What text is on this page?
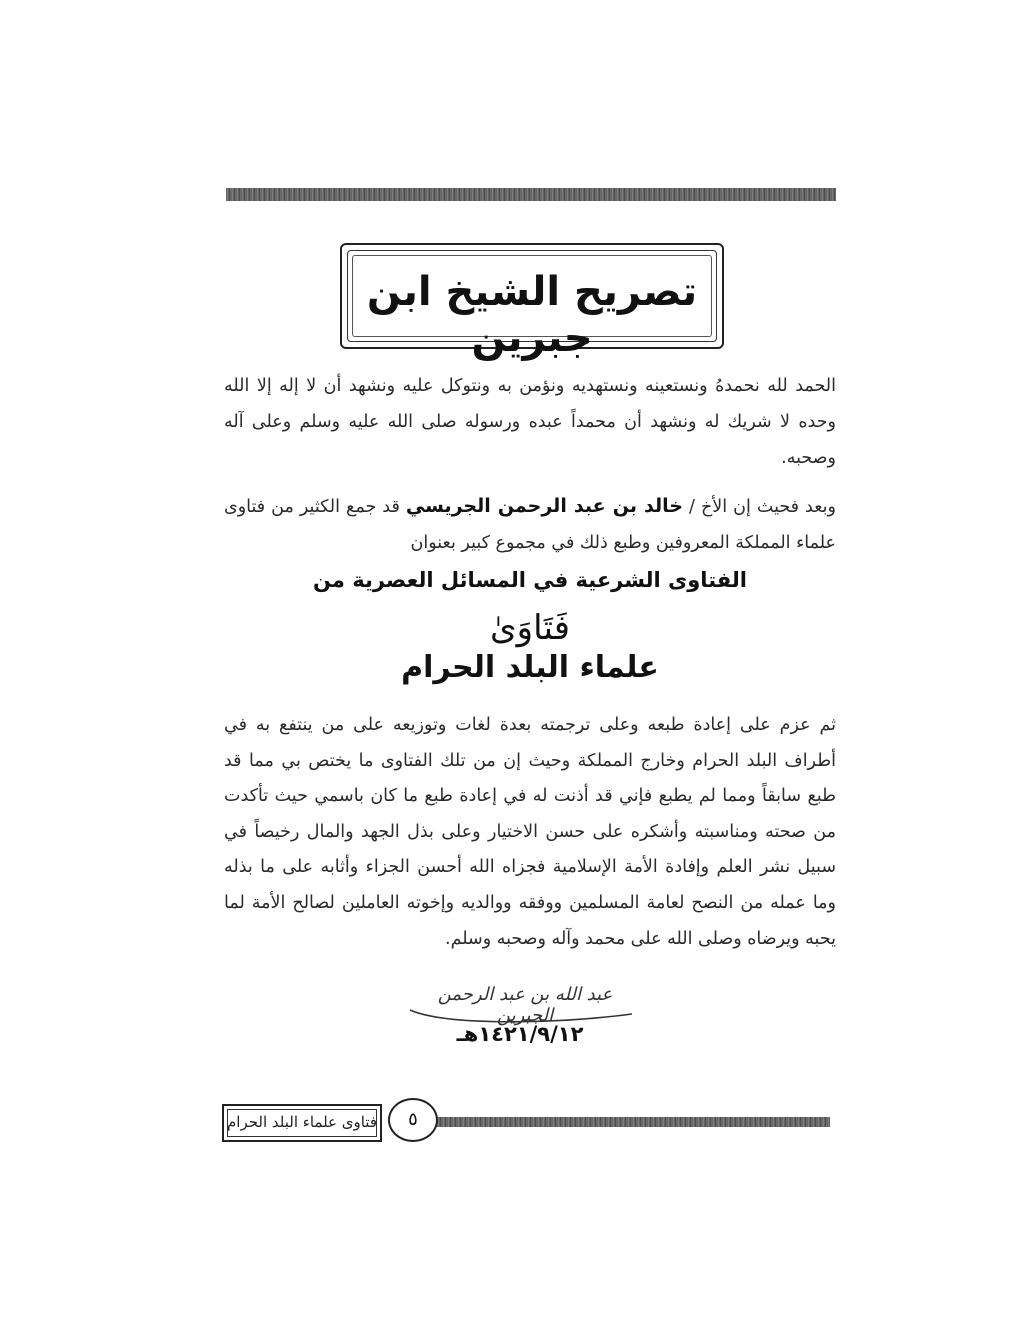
تصريح الشيخ ابن جبرين
الحمد لله نحمدهُ ونستعينه ونستهديه ونؤمن به ونتوكل عليه ونشهد أن لا إله إلا الله وحده لا شريك له ونشهد أن محمداً عبده ورسوله صلى الله عليه وسلم وعلى آله وصحبه.
وبعد فحيث إن الأخ / خالد بن عبد الرحمن الجريسي قد جمع الكثير من فتاوى علماء المملكة المعروفين وطبع ذلك في مجموع كبير بعنوان
الفتاوى الشرعية في المسائل العصرية من
فَتَاوَىٰ
علماء البلد الحرام
ثم عزم على إعادة طبعه وعلى ترجمته بعدة لغات وتوزيعه على من ينتفع به في أطراف البلد الحرام وخارج المملكة وحيث إن من تلك الفتاوى ما يختص بي مما قد طبع سابقاً ومما لم يطبع فإني قد أذنت له في إعادة طبع ما كان باسمي حيث تأكدت من صحته ومناسبته وأشكره على حسن الاختيار وعلى بذل الجهد والمال رخيصاً في سبيل نشر العلم وإفادة الأمة الإسلامية فجزاه الله أحسن الجزاء وأثابه على ما بذله وما عمله من النصح لعامة المسلمين ووفقه ووالديه وإخوته العاملين لصالح الأمة لما يحبه ويرضاه وصلى الله على محمد وآله وصحبه وسلم.
عبد الله بن عبد الرحمن الجبرين
١٤٢١/٩/١٢هـ
فتاوى علماء البلد الحرام	٥
